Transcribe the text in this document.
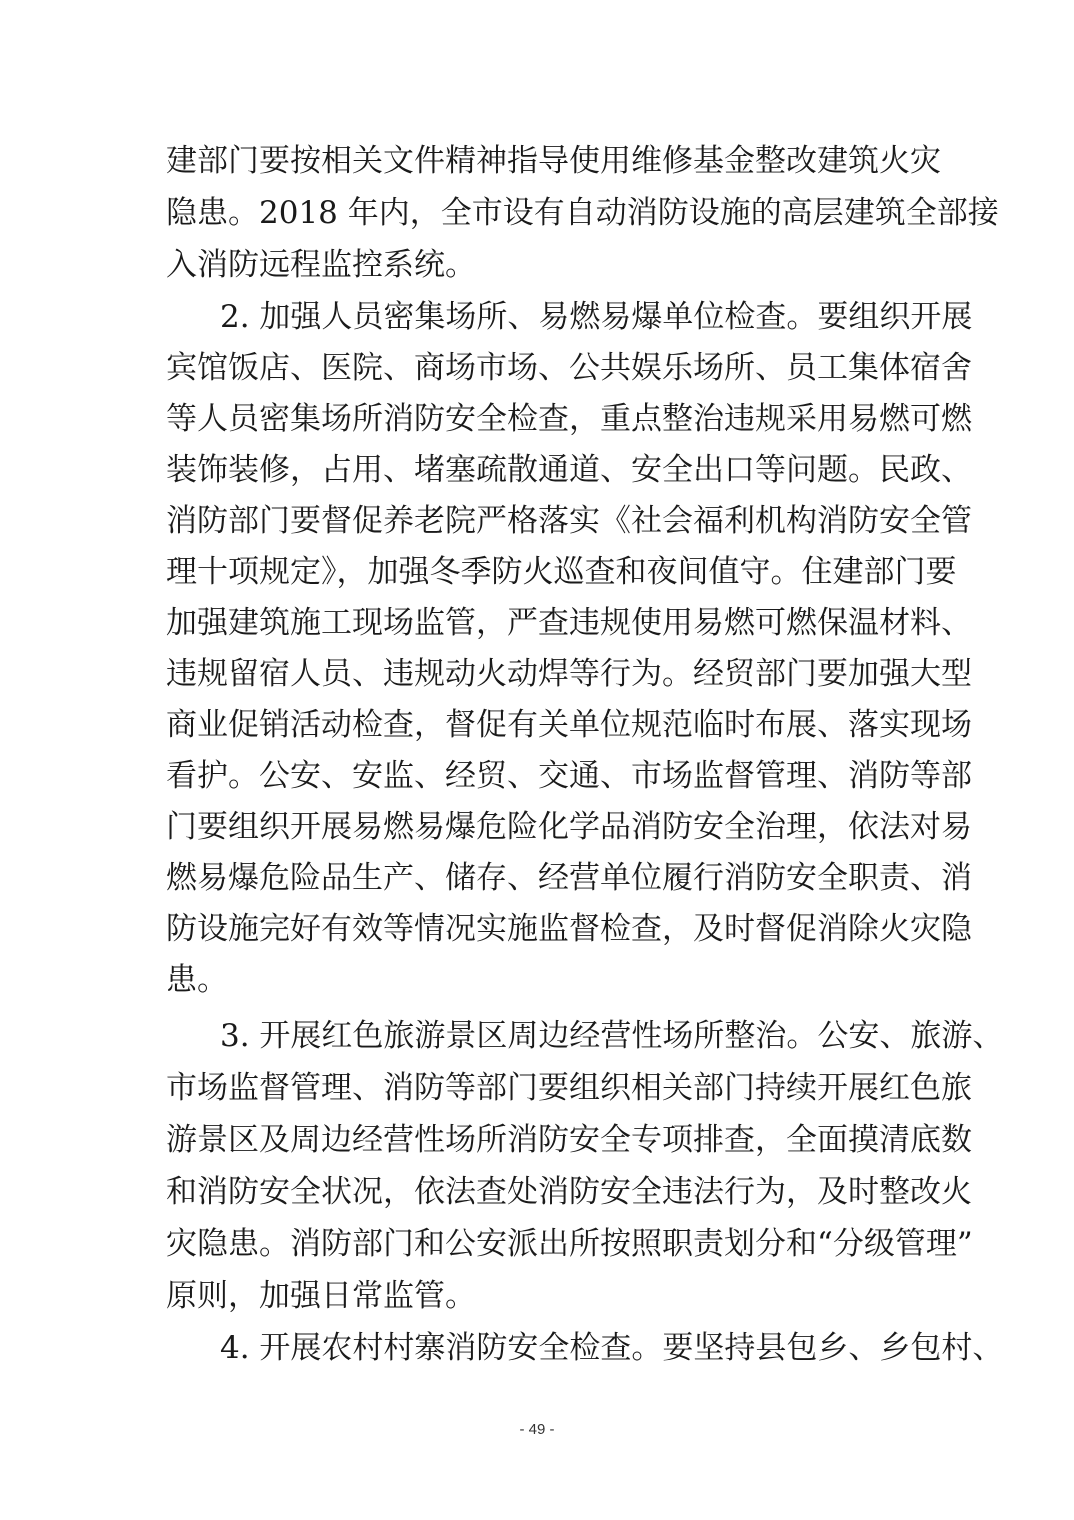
建部门要按相关文件精神指导使用维修基金整改建筑火灾
隐患。2018 年内，全市设有自动消防设施的高层建筑全部接
入消防远程监控系统。
2. 加强人员密集场所、易燃易爆单位检查。要组织开展
宾馆饭店、医院、商场市场、公共娱乐场所、员工集体宿舍
等人员密集场所消防安全检查，重点整治违规采用易燃可燃
装饰装修，占用、堵塞疏散通道、安全出口等问题。民政、
消防部门要督促养老院严格落实《社会福利机构消防安全管
理十项规定》，加强冬季防火巡查和夜间值守。住建部门要
加强建筑施工现场监管，严查违规使用易燃可燃保温材料、
违规留宿人员、违规动火动焊等行为。经贸部门要加强大型
商业促销活动检查，督促有关单位规范临时布展、落实现场
看护。公安、安监、经贸、交通、市场监督管理、消防等部
门要组织开展易燃易爆危险化学品消防安全治理，依法对易
燃易爆危险品生产、储存、经营单位履行消防安全职责、消
防设施完好有效等情况实施监督检查，及时督促消除火灾隐
患。
3. 开展红色旅游景区周边经营性场所整治。公安、旅游、
市场监督管理、消防等部门要组织相关部门持续开展红色旅
游景区及周边经营性场所消防安全专项排查，全面摸清底数
和消防安全状况，依法查处消防安全违法行为，及时整改火
灾隐患。消防部门和公安派出所按照职责划分和“分级管理”
原则，加强日常监管。
4. 开展农村村寨消防安全检查。要坚持县包乡、乡包村、
- 49 -
